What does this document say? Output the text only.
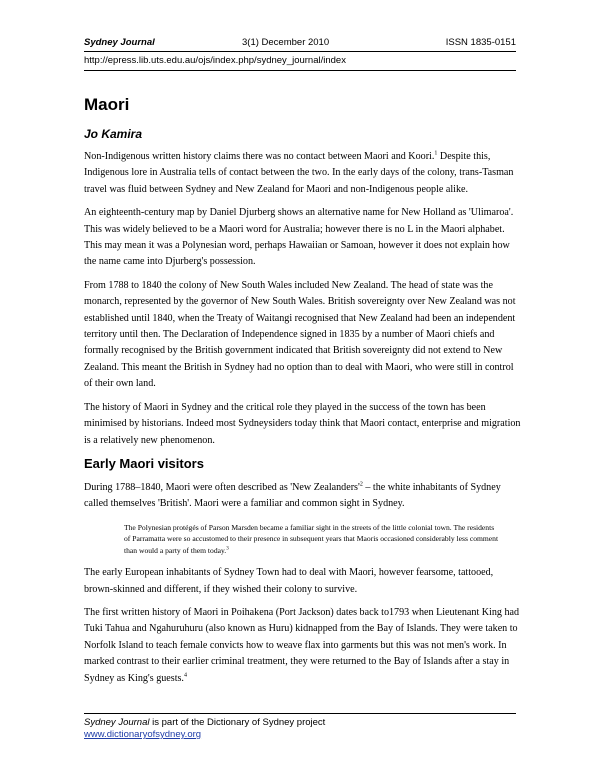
Sydney Journal	3(1) December 2010	ISSN 1835-0151
http://epress.lib.uts.edu.au/ojs/index.php/sydney_journal/index
Maori
Jo Kamira

Non-Indigenous written history claims there was no contact between Maori and Koori.$^1$ Despite this, Indigenous lore in Australia tells of contact between the two. In the early days of the colony, trans-Tasman travel was fluid between Sydney and New Zealand for Maori and non-Indigenous people alike.

An eighteenth-century map by Daniel Djurberg shows an alternative name for New Holland as 'Ulimaroa'. This was widely believed to be a Maori word for Australia; however there is no L in the Maori alphabet. This may mean it was a Polynesian word, perhaps Hawaiian or Samoan, however it does not explain how the name came into Djurberg's possession.

From 1788 to 1840 the colony of New South Wales included New Zealand. The head of state was the monarch, represented by the governor of New South Wales. British sovereignty over New Zealand was not established until 1840, when the Treaty of Waitangi recognised that New Zealand had been an independent territory until then. The Declaration of Independence signed in 1835 by a number of Maori chiefs and formally recognised by the British government indicated that British sovereignty did not extend to New Zealand. This meant the British in Sydney had no option than to deal with Maori, who were still in control of their own land.

The history of Maori in Sydney and the critical role they played in the success of the town has been minimised by historians. Indeed most Sydneysiders today think that Maori contact, enterprise and migration is a relatively new phenomenon.

Early Maori visitors

During 1788–1840, Maori were often described as 'New $Zealanders'^2$ – the white inhabitants of Sydney called themselves 'British'. Maori were a familiar and common sight in Sydney.

The Polynesian protégés of Parson Marsden became a familiar sight in the streets of the little colonial town. The residents of Parramatta were so accustomed to their presence in subsequent years that Maoris occasioned considerably less comment than would a party of them today.$^3$

The early European inhabitants of Sydney Town had to deal with Maori, however fearsome, tattooed, brown-skinned and different, if they wished their colony to survive.

The first written history of Maori in Poihakena (Port Jackson) dates back to1793 when Lieutenant King had Tuki Tahua and Ngahuruhuru (also known as Huru) kidnapped from the Bay of Islands. They were taken to Norfolk Island to teach female convicts how to weave flax into garments but this was not men's work. In marked contrast to their earlier criminal treatment, they were returned to the Bay of Islands after a stay in Sydney as King's guests.$^4$

Sydney Journal is part of the Dictionary of Sydney project
www.dictionaryofsydney.org
